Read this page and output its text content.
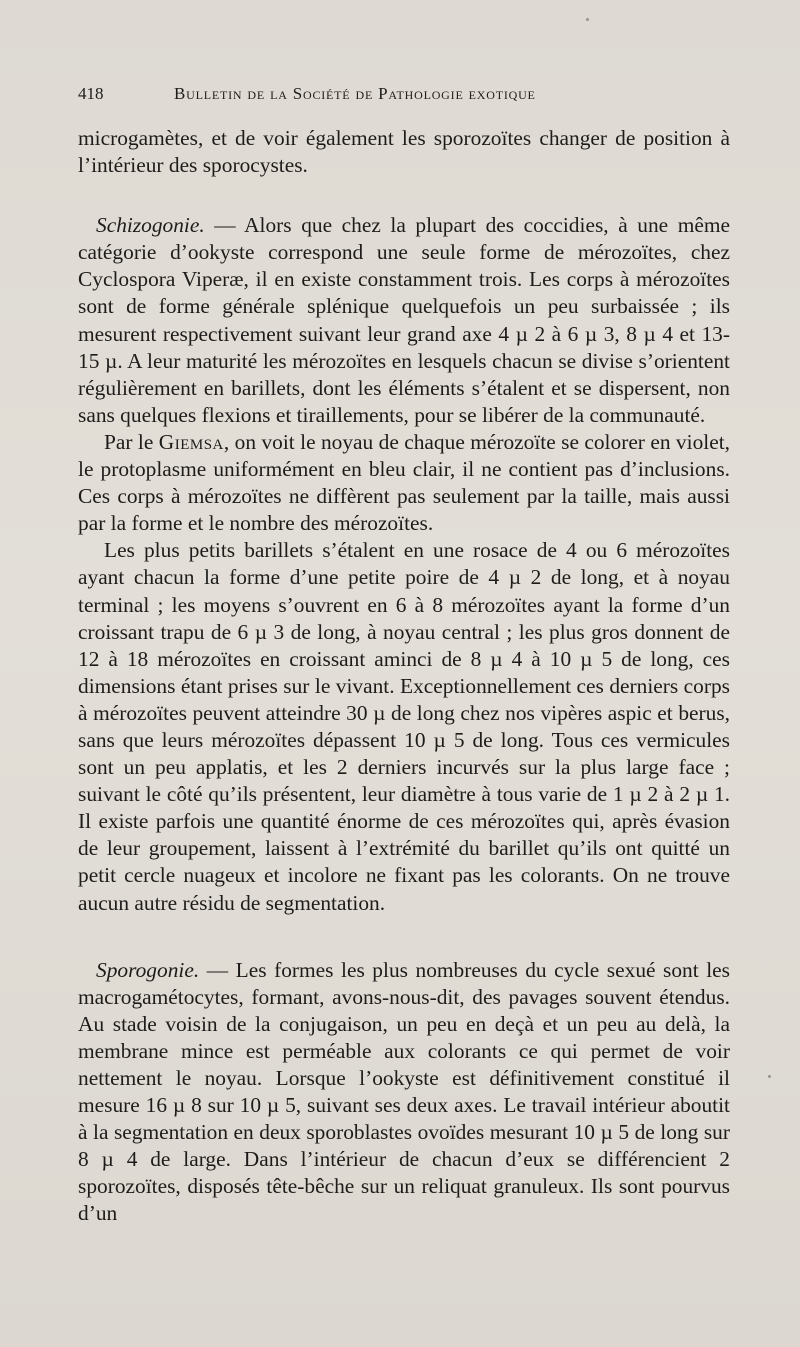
418	Bulletin de la Société de Pathologie exotique

microgamètes, et de voir également les sporozoïtes changer de position à l’intérieur des sporocystes.

Schizogonie. — Alors que chez la plupart des coccidies, à une même catégorie d’ookyste correspond une seule forme de mérozoïtes, chez Cyclospora Viperæ, il en existe constamment trois. Les corps à mérozoïtes sont de forme générale splénique quelquefois un peu surbaissée ; ils mesurent respectivement suivant leur grand axe 4 µ 2 à 6 µ 3, 8 µ 4 et 13-15 µ. A leur maturité les mérozoïtes en lesquels chacun se divise s’orientent régulièrement en barillets, dont les éléments s’étalent et se dispersent, non sans quelques flexions et tiraillements, pour se libérer de la communauté.

Par le Giemsa, on voit le noyau de chaque mérozoïte se colorer en violet, le protoplasme uniformément en bleu clair, il ne contient pas d’inclusions. Ces corps à mérozoïtes ne diffèrent pas seulement par la taille, mais aussi par la forme et le nombre des mérozoïtes.

Les plus petits barillets s’étalent en une rosace de 4 ou 6 mérozoïtes ayant chacun la forme d’une petite poire de 4 µ 2 de long, et à noyau terminal ; les moyens s’ouvrent en 6 à 8 mérozoïtes ayant la forme d’un croissant trapu de 6 µ 3 de long, à noyau central ; les plus gros donnent de 12 à 18 mérozoïtes en croissant aminci de 8 µ 4 à 10 µ 5 de long, ces dimensions étant prises sur le vivant. Exceptionnellement ces derniers corps à mérozoïtes peuvent atteindre 30 µ de long chez nos vipères aspic et berus, sans que leurs mérozoïtes dépassent 10 µ 5 de long. Tous ces vermicules sont un peu applatis, et les 2 derniers incurvés sur la plus large face ; suivant le côté qu’ils présentent, leur diamètre à tous varie de 1 µ 2 à 2 µ 1. Il existe parfois une quantité énorme de ces mérozoïtes qui, après évasion de leur groupement, laissent à l’extrémité du barillet qu’ils ont quitté un petit cercle nuageux et incolore ne fixant pas les colorants. On ne trouve aucun autre résidu de segmentation.

Sporogonie. — Les formes les plus nombreuses du cycle sexué sont les macrogamétocytes, formant, avons-nous-dit, des pavages souvent étendus. Au stade voisin de la conjugaison, un peu en deçà et un peu au delà, la membrane mince est perméable aux colorants ce qui permet de voir nettement le noyau. Lorsque l’ookyste est définitivement constitué il mesure 16 µ 8 sur 10 µ 5, suivant ses deux axes. Le travail intérieur aboutit à la segmentation en deux sporoblastes ovoïdes mesurant 10 µ 5 de long sur 8 µ 4 de large. Dans l’intérieur de chacun d’eux se différencient 2 sporozoïtes, disposés tête-bêche sur un reliquat granuleux. Ils sont pourvus d’un
